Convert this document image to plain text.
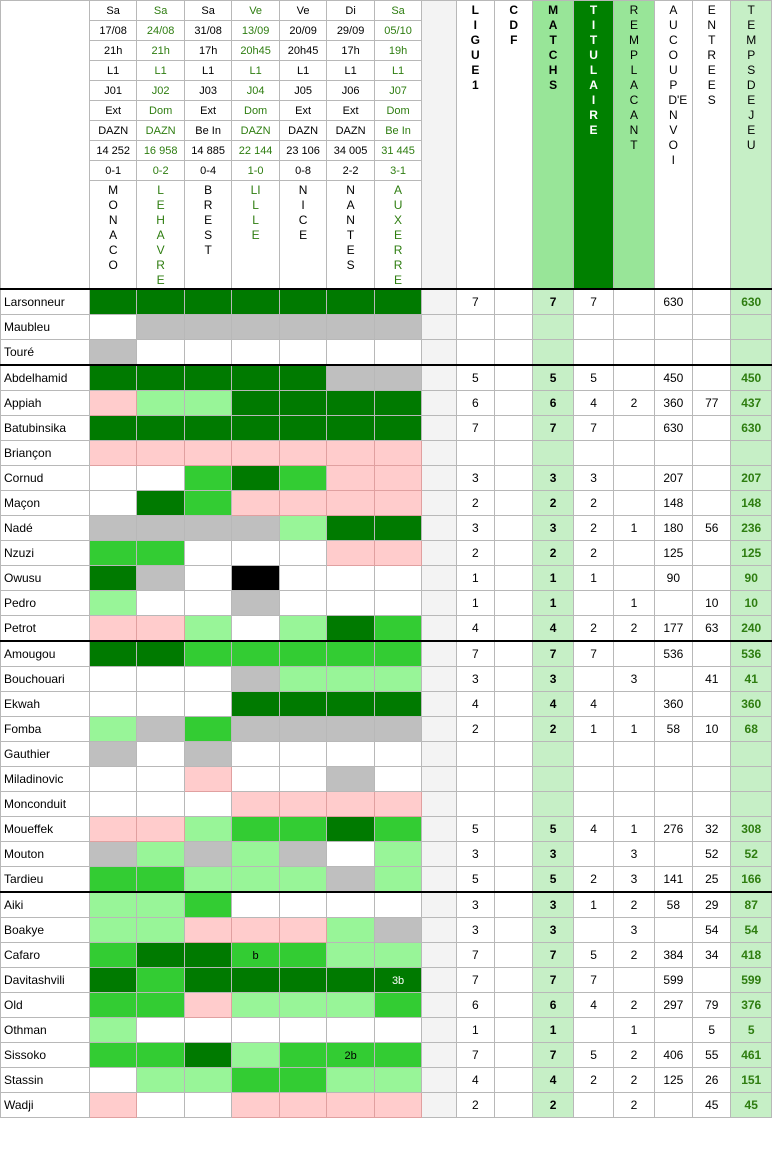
	Sa	Sa	Sa	Ve	Ve	Di	Sa		LIGUE 1	CDF	MATCHS	TITULAIRE	REMPLACANT	AU COUP D'ENVOI	ENTREES	TEMPS DE JEU

	17/08	24/08	31/08	13/09	20/09	29/09	05/10									
	21h	21h	17h	20h45	20h45	17h	19h									
	L1	L1	L1	L1	L1	L1	L1									
	J01	J02	J03	J04	J05	J06	J07									
	Ext	Dom	Ext	Dom	Ext	Ext	Dom									
	DAZN	DAZN	Be In	DAZN	DAZN	DAZN	Be In									
	14 252	16 958	14 885	22 144	23 106	34 005	31 445									
	0-1	0-2	0-4	1-0	0-8	2-2	3-1									

	MONACO	LE HAVRE	BREST	LILLE	NICE	NANTES	AUXERRE									

Larsonneur									7		7	7		630		630
Maubleu																
Touré																
Abdelhamid									5		5	5		450		450
Appiah									6		6	4	2	360	77	437
Batubinsika									7		7	7		630		630
Briançon																
Cornud									3		3	3		207		207
Maçon									2		2	2		148		148
Nadé									3		3	2	1	180	56	236
Nzuzi									2		2	2		125		125
Owusu									1		1	1		90		90
Pedro									1		1		1		10	10
Petrot									4		4	2	2	177	63	240
Amougou									7		7	7		536		536
Bouchouari									3		3		3		41	41
Ekwah									4		4	4		360		360
Fomba									2		2	1	1	58	10	68
Gauthier																
Miladinovic																
Monconduit																
Moueffek									5		5	4	1	276	32	308
Mouton									3		3		3		52	52
Tardieu									5		5	2	3	141	25	166
Aiki									3		3	1	2	58	29	87
Boakye									3		3		3		54	54
Cafaro				b					7		7	5	2	384	34	418
Davitashvili							3b		7		7	7		599		599
Old									6		6	4	2	297	79	376
Othman									1		1		1		5	5
Sissoko						2b			7		7	5	2	406	55	461
Stassin									4		4	2	2	125	26	151
Wadji									2		2		2		45	45
